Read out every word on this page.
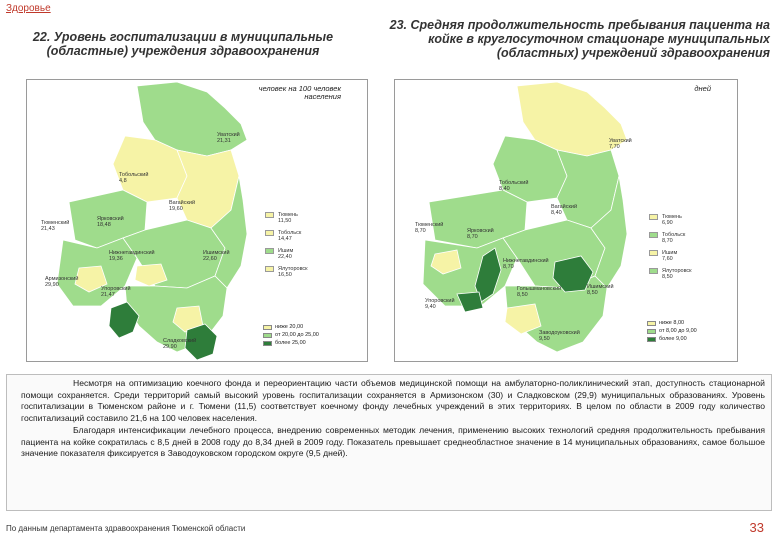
Здоровье
22. Уровень госпитализации в муниципальные (областные) учреждения здравоохранения
23. Средняя продолжительность пребывания пациента на койке в круглосуточном стационаре муниципальных (областных) учреждений здравоохранения
человек на 100 человек населения
Уватский
21,31
Тобольский
4,8
Вагайский
19,60
Тюменский
21,43
Ярковский
18,48
Нижнетавдинский
19,36
Ишимский
22,60
Армизонский
29,90
Упоровский
21,47
Сладковский
29,90
Тюмень
11,50
Тобольск
14,47
Ишим
22,40
Ялуторовск
16,50
ниже 20,00
от 20,00 до 25,00
более 25,00
дней
Уватский
7,70
Тобольский
8,40
Вагайский
8,40
Тюменский
8,70	Ярковский
8,70
Нижнетавдинский
8,70
Голышмановский
8,50
Ишимский
8,50
Упоровский
9,40
Заводоуковский
9,50
Тюмень
6,90
Тобольск
8,70
Ишим
7,60
Ялуторовск
8,50
ниже 8,00
от 8,00 до 9,00
более 9,00

Несмотря на оптимизацию коечного фонда и переориентацию части объемов медицинской помощи на амбулаторно-поликлинический этап, доступность стационарной помощи сохраняется. Среди территорий самый высокий уровень госпитализации сохраняется в Армизонском (30) и Сладковском (29,9) муниципальных образованиях. Уровень госпитализации в Тюменском районе и г. Тюмени (11,5) соответствует коечному фонду лечебных учреждений в этих территориях. В целом по области в 2009 году количество госпитализаций составило 21,6 на 100 человек населения.

Благодаря интенсификации лечебного процесса, внедрению современных методик лечения, применению высоких технологий средняя продолжительность пребывания пациента на койке сократилась с 8,5 дней в 2008 году до 8,34 дней в 2009 году. Показатель превышает среднеобластное значение в 14 муниципальных образованиях, самое большое значение показателя фиксируется в Заводоуковском городском округе (9,5 дней).

По данным департамента здравоохранения Тюменской области	33
